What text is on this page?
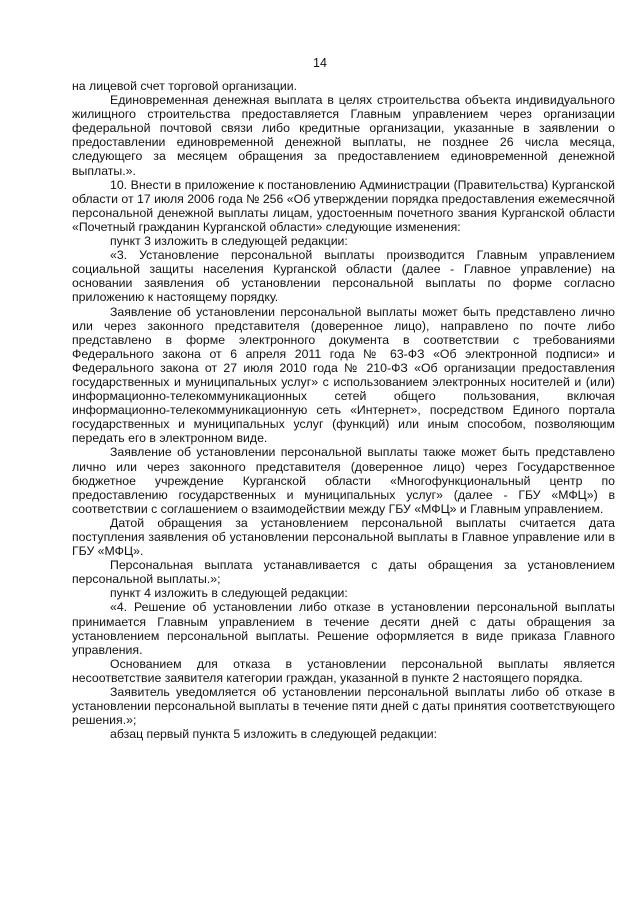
14

на лицевой счет торговой организации.

Единовременная денежная выплата в целях строительства объекта индивидуального жилищного строительства предоставляется Главным управлением через организации федеральной почтовой связи либо кредитные организации, указанные в заявлении о предоставлении единовременной денежной выплаты, не позднее 26 числа месяца, следующего за месяцем обращения за предоставлением единовременной денежной выплаты.».

10. Внести в приложение к постановлению Администрации (Правительства) Курганской области от 17 июля 2006 года № 256 «Об утверждении порядка предоставления ежемесячной персональной денежной выплаты лицам, удостоенным почетного звания Курганской области «Почетный гражданин Курганской области» следующие изменения:

пункт 3 изложить в следующей редакции:

«3. Установление персональной выплаты производится Главным управлением социальной защиты населения Курганской области (далее - Главное управление) на основании заявления об установлении персональной выплаты по форме согласно приложению к настоящему порядку.

Заявление об установлении персональной выплаты может быть представлено лично или через законного представителя (доверенное лицо), направлено по почте либо представлено в форме электронного документа в соответствии с требованиями Федерального закона от 6 апреля 2011 года № 63-ФЗ «Об электронной подписи» и Федерального закона от 27 июля 2010 года № 210-ФЗ «Об организации предоставления государственных и муниципальных услуг» с использованием электронных носителей и (или) информационно-телекоммуникационных сетей общего пользования, включая информационно-телекоммуникационную сеть «Интернет», посредством Единого портала государственных и муниципальных услуг (функций) или иным способом, позволяющим передать его в электронном виде.

Заявление об установлении персональной выплаты также может быть представлено лично или через законного представителя (доверенное лицо) через Государственное бюджетное учреждение Курганской области «Многофункциональный центр по предоставлению государственных и муниципальных услуг» (далее - ГБУ «МФЦ») в соответствии с соглашением о взаимодействии между ГБУ «МФЦ» и Главным управлением.

Датой обращения за установлением персональной выплаты считается дата поступления заявления об установлении персональной выплаты в Главное управление или в ГБУ «МФЦ».

Персональная выплата устанавливается с даты обращения за установлением персональной выплаты.»;

пункт 4 изложить в следующей редакции:

«4. Решение об установлении либо отказе в установлении персональной выплаты принимается Главным управлением в течение десяти дней с даты обращения за установлением персональной выплаты. Решение оформляется в виде приказа Главного управления.

Основанием для отказа в установлении персональной выплаты является несоответствие заявителя категории граждан, указанной в пункте 2 настоящего порядка.

Заявитель уведомляется об установлении персональной выплаты либо об отказе в установлении персональной выплаты в течение пяти дней с даты принятия соответствующего решения.»;

абзац первый пункта 5 изложить в следующей редакции:
